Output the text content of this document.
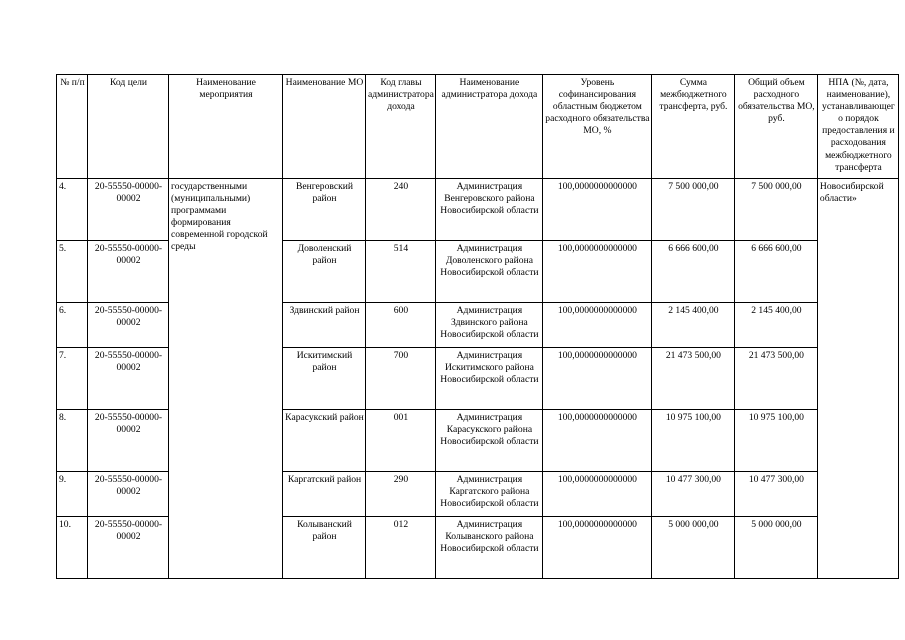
№ п/п	Код цели	Наименование мероприятия	Наименование МО	Код главы администратора дохода	Наименование администратора дохода	Уровень софинансирования областным бюджетом расходного обязательства МО, %	Сумма межбюджетного трансферта, руб.	Общий объем расходного обязательства МО, руб.	НПА (№, дата, наименование), устанавливающег о порядок предоставления и расходования межбюджетного трансферта
4.	20-55550-00000-00002	государственными (муниципальными) программами формирования современной городской среды	Венгеровский район	240	Администрация Венгеровского района Новосибирской области	100,0000000000000	7 500 000,00	7 500 000,00	Новосибирской области»
5.	20-55550-00000-00002		Доволенский район	514	Администрация Доволенского района Новосибирской области	100,0000000000000	6 666 600,00	6 666 600,00	
6.	20-55550-00000-00002		Здвинский район	600	Администрация Здвинского района Новосибирской области	100,0000000000000	2 145 400,00	2 145 400,00	
7.	20-55550-00000-00002		Искитимский район	700	Администрация Искитимского района Новосибирской области	100,0000000000000	21 473 500,00	21 473 500,00	
8.	20-55550-00000-00002		Карасукский район	001	Администрация Карасукского района Новосибирской области	100,0000000000000	10 975 100,00	10 975 100,00	
9.	20-55550-00000-00002		Каргатский район	290	Администрация Каргатского района Новосибирской области	100,0000000000000	10 477 300,00	10 477 300,00	
10.	20-55550-00000-00002		Колыванский район	012	Администрация Колыванского района Новосибирской области	100,0000000000000	5 000 000,00	5 000 000,00	
